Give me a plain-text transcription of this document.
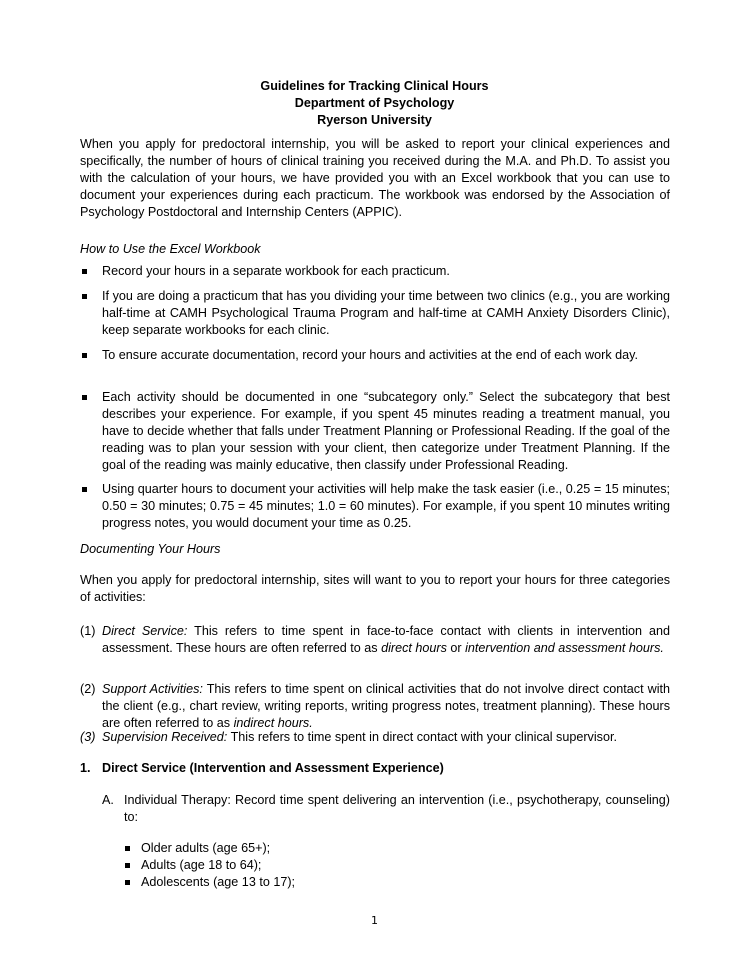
Guidelines for Tracking Clinical Hours
Department of Psychology
Ryerson University

When you apply for predoctoral internship, you will be asked to report your clinical experiences and specifically, the number of hours of clinical training you received during the M.A. and Ph.D. To assist you with the calculation of your hours, we have provided you with an Excel workbook that you can use to document your experiences during each practicum. The workbook was endorsed by the Association of Psychology Postdoctoral and Internship Centers (APPIC).

How to Use the Excel Workbook

Record your hours in a separate workbook for each practicum.
If you are doing a practicum that has you dividing your time between two clinics (e.g., you are working half-time at CAMH Psychological Trauma Program and half-time at CAMH Anxiety Disorders Clinic), keep separate workbooks for each clinic.
To ensure accurate documentation, record your hours and activities at the end of each work day.
Each activity should be documented in one “subcategory only.” Select the subcategory that best describes your experience. For example, if you spent 45 minutes reading a treatment manual, you have to decide whether that falls under Treatment Planning or Professional Reading. If the goal of the reading was to plan your session with your client, then categorize under Treatment Planning. If the goal of the reading was mainly educative, then classify under Professional Reading.
Using quarter hours to document your activities will help make the task easier (i.e., 0.25 = 15 minutes; 0.50 = 30 minutes; 0.75 = 45 minutes; 1.0 = 60 minutes). For example, if you spent 10 minutes writing progress notes, you would document your time as 0.25.

Documenting Your Hours

When you apply for predoctoral internship, sites will want to you to report your hours for three categories of activities:

(1) Direct Service: This refers to time spent in face-to-face contact with clients in intervention and assessment. These hours are often referred to as direct hours or intervention and assessment hours.
(2) Support Activities: This refers to time spent on clinical activities that do not involve direct contact with the client (e.g., chart review, writing reports, writing progress notes, treatment planning). These hours are often referred to as indirect hours.
(3) Supervision Received: This refers to time spent in direct contact with your clinical supervisor.
1. Direct Service (Intervention and Assessment Experience)
A. Individual Therapy: Record time spent delivering an intervention (i.e., psychotherapy, counseling) to:
Older adults (age 65+);
Adults (age 18 to 64);
Adolescents (age 13 to 17);
1
